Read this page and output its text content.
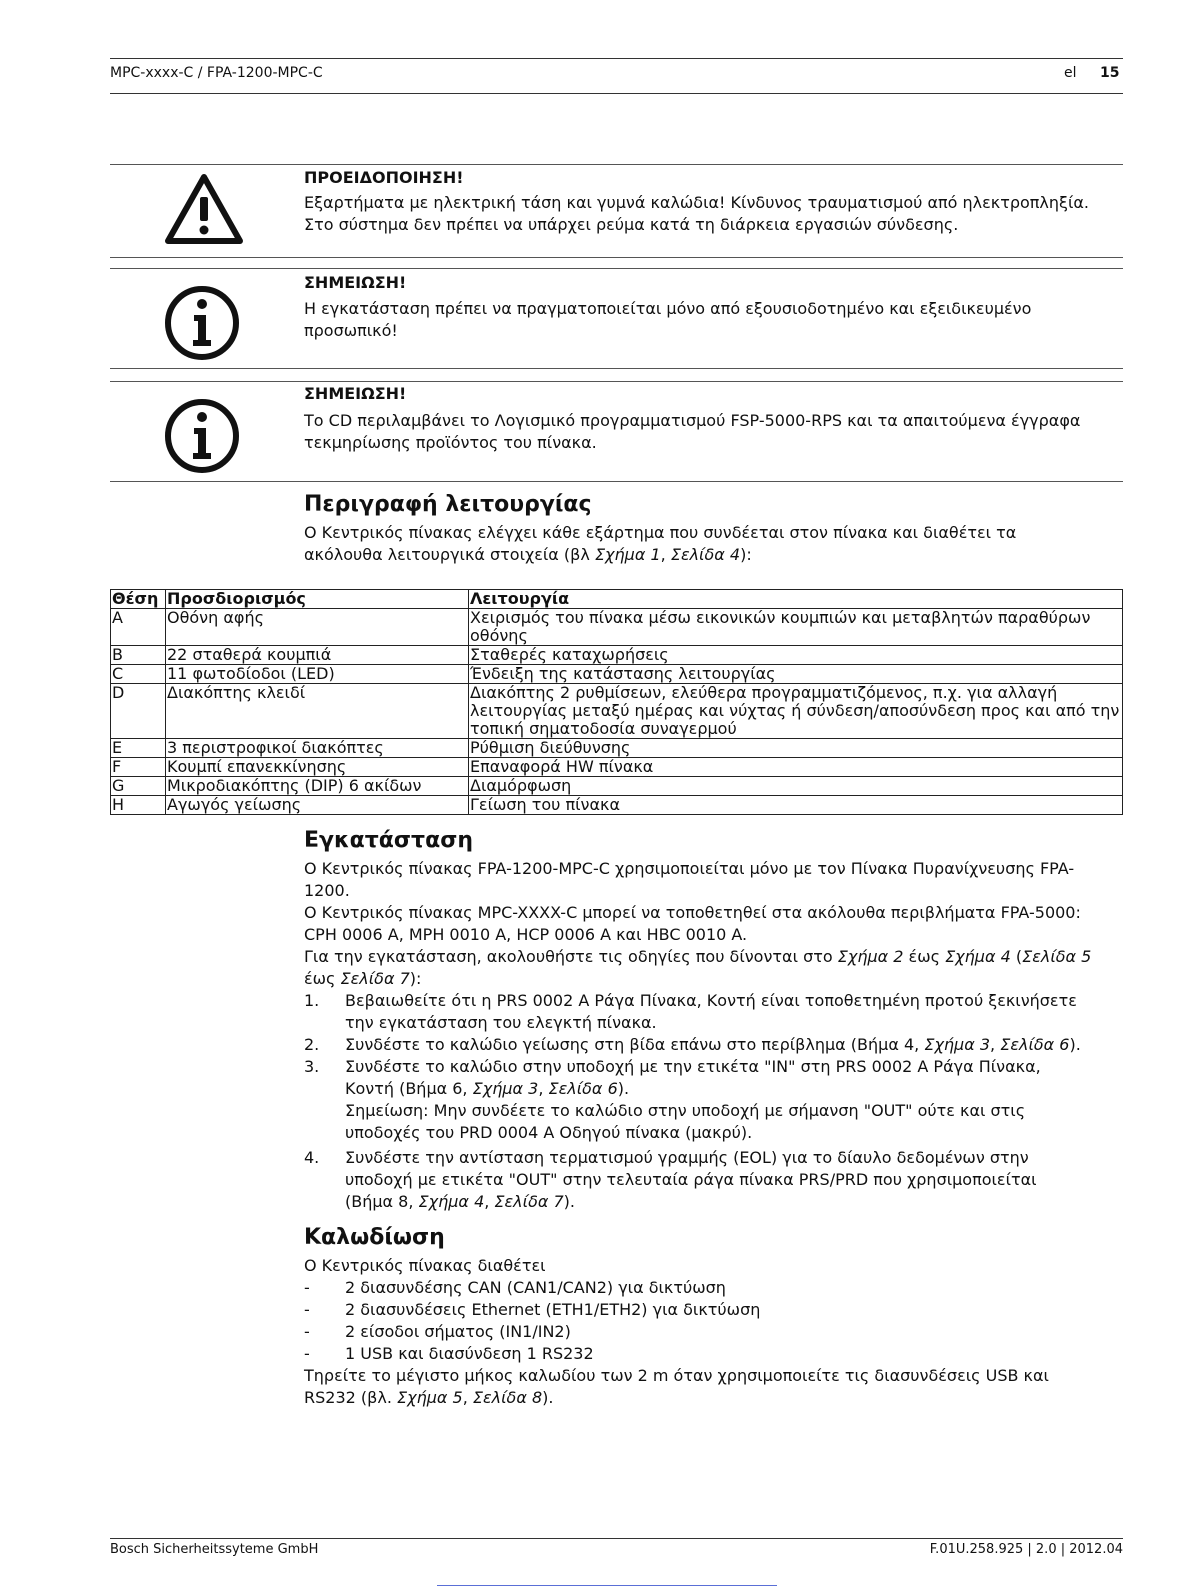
MPC-xxxx-C / FPA-1200-MPC-C	el 15
ΠΡΟΕΙΔΟΠΟΙΗΣΗ!
Εξαρτήματα με ηλεκτρική τάση και γυμνά καλώδια! Κίνδυνος τραυματισμού από ηλεκτροπληξία.
Στο σύστημα δεν πρέπει να υπάρχει ρεύμα κατά τη διάρκεια εργασιών σύνδεσης.
ΣΗΜΕΙΩΣΗ!
Η εγκατάσταση πρέπει να πραγματοποιείται μόνο από εξουσιοδοτημένο και εξειδικευμένο
προσωπικό!
ΣΗΜΕΙΩΣΗ!
Το CD περιλαμβάνει το Λογισμικό προγραμματισμού FSP-5000-RPS και τα απαιτούμενα έγγραφα
τεκμηρίωσης προϊόντος του πίνακα.
Περιγραφή λειτουργίας
Ο Κεντρικός πίνακας ελέγχει κάθε εξάρτημα που συνδέεται στον πίνακα και διαθέτει τα
ακόλουθα λειτουργικά στοιχεία (βλ Σχήμα 1, Σελίδα 4):
Θέση	Προσδιορισμός	Λειτουργία
A	Οθόνη αφής	Χειρισμός του πίνακα μέσω εικονικών κουμπιών και μεταβλητών παραθύρων οθόνης
B	22 σταθερά κουμπιά	Σταθερές καταχωρήσεις
C	11 φωτοδίοδοι (LED)	Ένδειξη της κατάστασης λειτουργίας
D	Διακόπτης κλειδί	Διακόπτης 2 ρυθμίσεων, ελεύθερα προγραμματιζόμενος, π.χ. για αλλαγή λειτουργίας μεταξύ ημέρας και νύχτας ή σύνδεση/αποσύνδεση προς και από την τοπική σηματοδοσία συναγερμού
E	3 περιστροφικοί διακόπτες	Ρύθμιση διεύθυνσης
F	Κουμπί επανεκκίνησης	Επαναφορά HW πίνακα
G	Μικροδιακόπτης (DIP) 6 ακίδων	Διαμόρφωση
H	Αγωγός γείωσης	Γείωση του πίνακα
Εγκατάσταση
Ο Κεντρικός πίνακας FPA-1200-MPC-C χρησιμοποιείται μόνο με τον Πίνακα Πυρανίχνευσης FPA-
1200.
Ο Κεντρικός πίνακας MPC-XXXX-C μπορεί να τοποθετηθεί στα ακόλουθα περιβλήματα FPA-5000:
CPH 0006 A, MPH 0010 A, HCP 0006 A και HBC 0010 A.
Για την εγκατάσταση, ακολουθήστε τις οδηγίες που δίνονται στο Σχήμα 2 έως Σχήμα 4 (Σελίδα 5
έως Σελίδα 7):
1. Βεβαιωθείτε ότι η PRS 0002 A Ράγα Πίνακα, Κοντή είναι τοποθετημένη προτού ξεκινήσετε
την εγκατάσταση του ελεγκτή πίνακα.
2. Συνδέστε το καλώδιο γείωσης στη βίδα επάνω στο περίβλημα (Βήμα 4, Σχήμα 3, Σελίδα 6).
3. Συνδέστε το καλώδιο στην υποδοχή με την ετικέτα "IN" στη PRS 0002 A Ράγα Πίνακα,
Κοντή (Βήμα 6, Σχήμα 3, Σελίδα 6).
Σημείωση: Μην συνδέετε το καλώδιο στην υποδοχή με σήμανση "OUT" ούτε και στις
υποδοχές του PRD 0004 A Οδηγού πίνακα (μακρύ).
4. Συνδέστε την αντίσταση τερματισμού γραμμής (EOL) για το δίαυλο δεδομένων στην
υποδοχή με ετικέτα "OUT" στην τελευταία ράγα πίνακα PRS/PRD που χρησιμοποιείται
(Βήμα 8, Σχήμα 4, Σελίδα 7).
Καλωδίωση
Ο Κεντρικός πίνακας διαθέτει
- 2 διασυνδέσης CAN (CAN1/CAN2) για δικτύωση
- 2 διασυνδέσεις Ethernet (ETH1/ETH2) για δικτύωση
- 2 είσοδοι σήματος (IN1/IN2)
- 1 USB και διασύνδεση 1 RS232
Τηρείτε το μέγιστο μήκος καλωδίου των 2 m όταν χρησιμοποιείτε τις διασυνδέσεις USB και
RS232 (βλ. Σχήμα 5, Σελίδα 8).
Bosch Sicherheitssyteme GmbH	F.01U.258.925 | 2.0 | 2012.04
